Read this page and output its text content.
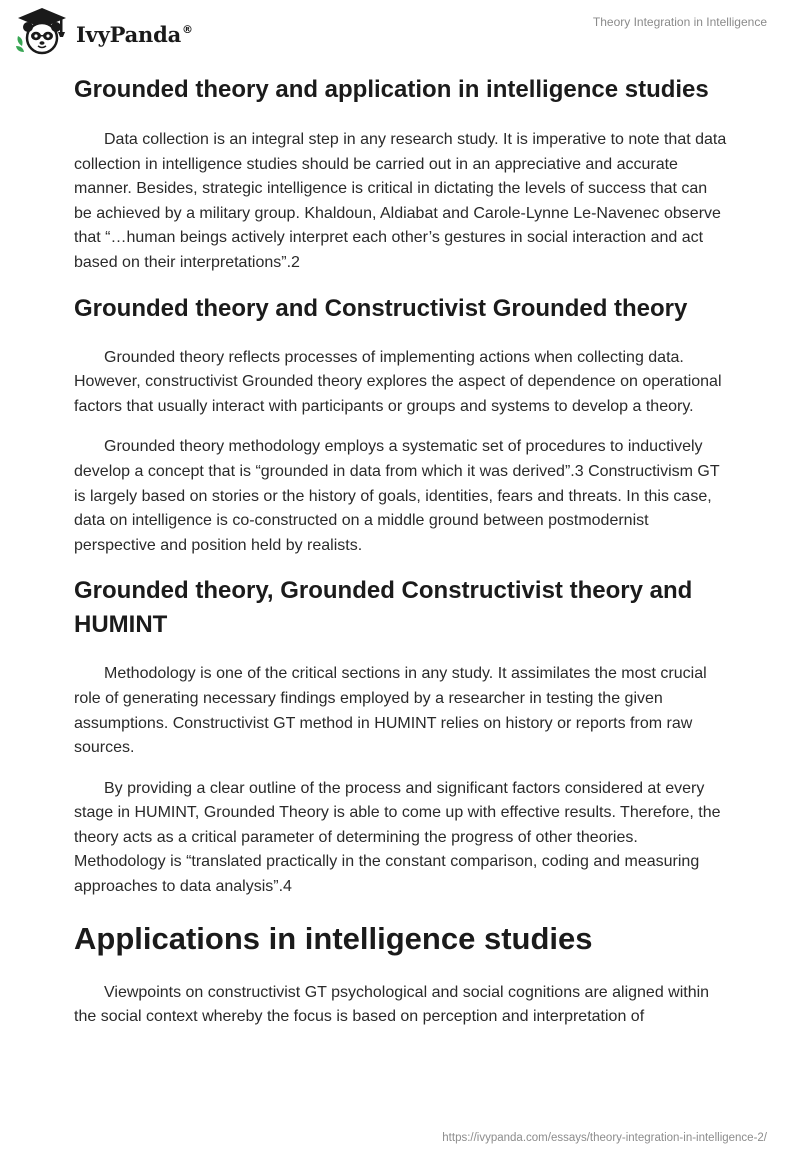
IvyPanda®	Theory Integration in Intelligence
Grounded theory and application in intelligence studies

Data collection is an integral step in any research study. It is imperative to note that data collection in intelligence studies should be carried out in an appreciative and accurate manner. Besides, strategic intelligence is critical in dictating the levels of success that can be achieved by a military group. Khaldoun, Aldiabat and Carole-Lynne Le-Navenec observe that “…human beings actively interpret each other’s gestures in social interaction and act based on their interpretations”.2

Grounded theory and Constructivist Grounded theory

Grounded theory reflects processes of implementing actions when collecting data. However, constructivist Grounded theory explores the aspect of dependence on operational factors that usually interact with participants or groups and systems to develop a theory.

Grounded theory methodology employs a systematic set of procedures to inductively develop a concept that is “grounded in data from which it was derived”.3 Constructivism GT is largely based on stories or the history of goals, identities, fears and threats. In this case, data on intelligence is co-constructed on a middle ground between postmodernist perspective and position held by realists.

Grounded theory, Grounded Constructivist theory and HUMINT

Methodology is one of the critical sections in any study. It assimilates the most crucial role of generating necessary findings employed by a researcher in testing the given assumptions. Constructivist GT method in HUMINT relies on history or reports from raw sources.

By providing a clear outline of the process and significant factors considered at every stage in HUMINT, Grounded Theory is able to come up with effective results. Therefore, the theory acts as a critical parameter of determining the progress of other theories. Methodology is “translated practically in the constant comparison, coding and measuring approaches to data analysis”.4

Applications in intelligence studies

Viewpoints on constructivist GT psychological and social cognitions are aligned within the social context whereby the focus is based on perception and interpretation of

https://ivypanda.com/essays/theory-integration-in-intelligence-2/
